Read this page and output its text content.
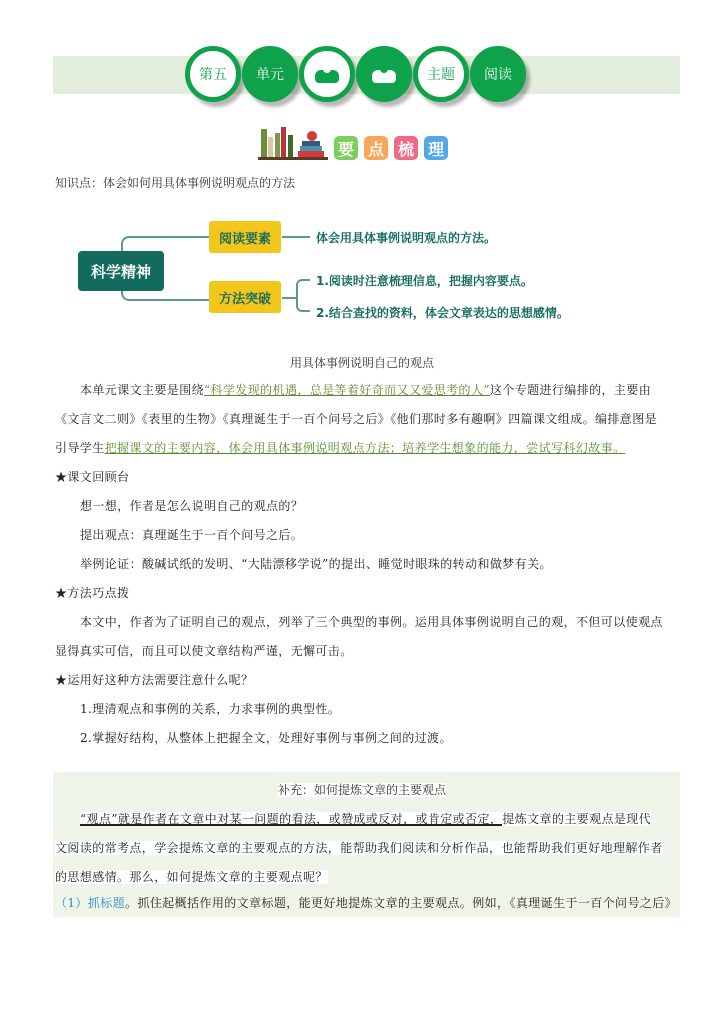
第五 单元	主题 阅读
要 点 梳 理
知识点：体会如何用具体事例说明观点的方法
科学精神
阅读要素
方法突破
体会用具体事例说明观点的方法。
1.阅读时注意梳理信息，把握内容要点。
2.结合查找的资料，体会文章表达的思想感情。
用具体事例说明自己的观点
本单元课文主要是围绕“科学发现的机遇，总是等着好奇而又又爱思考的人”这个专题进行编排的，主要由
《文言文二则》《表里的生物》《真理诞生于一百个问号之后》《他们那时多有趣啊》四篇课文组成。编排意图是
引导学生把握课文的主要内容，体会用具体事例说明观点方法；培养学生想象的能力，尝试写科幻故事。
★课文回顾台
想一想，作者是怎么说明自己的观点的？
提出观点：真理诞生于一百个问号之后。
举例论证：酸碱试纸的发明、“大陆漂移学说”的提出、睡觉时眼珠的转动和做梦有关。
★方法巧点拨
本文中，作者为了证明自己的观点，列举了三个典型的事例。运用具体事例说明自己的观，不但可以使观点
显得真实可信，而且可以使文章结构严谨，无懈可击。
★运用好这种方法需要注意什么呢？
1.理清观点和事例的关系，力求事例的典型性。
2.掌握好结构，从整体上把握全文，处理好事例与事例之间的过渡。
补充：如何提炼文章的主要观点
“观点”就是作者在文章中对某一问题的看法，或赞成或反对，或肯定或否定，提炼文章的主要观点是现代
文阅读的常考点，学会提炼文章的主要观点的方法，能帮助我们阅读和分析作品，也能帮助我们更好地理解作者
的思想感情。那么，如何提炼文章的主要观点呢？
（1）抓标题。抓住起概括作用的文章标题，能更好地提炼文章的主要观点。例如，《真理诞生于一百个问号之后》
